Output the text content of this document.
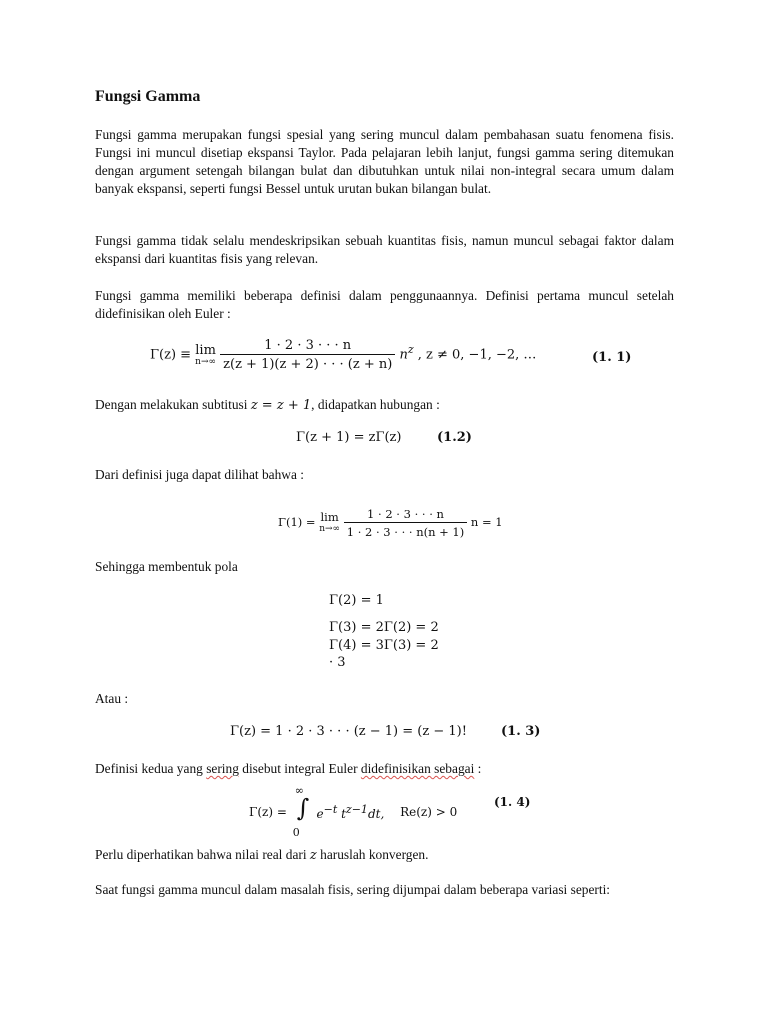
Fungsi Gamma

Fungsi gamma merupakan fungsi spesial yang sering muncul dalam pembahasan suatu fenomena fisis. Fungsi ini muncul disetiap ekspansi Taylor. Pada pelajaran lebih lanjut, fungsi gamma sering ditemukan dengan argument setengah bilangan bulat dan dibutuhkan untuk nilai non-integral secara umum dalam banyak ekspansi, seperti fungsi Bessel untuk urutan bukan bilangan bulat.

Fungsi gamma tidak selalu mendeskripsikan sebuah kuantitas fisis, namun muncul sebagai faktor dalam ekspansi dari kuantitas fisis yang relevan.

Fungsi gamma memiliki beberapa definisi dalam penggunaannya. Definisi pertama muncul setelah didefinisikan oleh Euler :

Γ(z) ≡ lim
n→∞
$\frac{1 \cdot 2 \cdot 3 \cdot \cdot \cdot n}{z(z + 1)(z + 2) \cdot \cdot \cdot (z + n)} n^z$ , z ≠ 0, −1, −2, …	(1. 1)
Dengan melakukan subtitusi z = z + 1, didapatkan hubungan :
Γ(z + 1) = zΓ(z)	(1.2)
Dari definisi juga dapat dilihat bahwa :
Γ(1) = lim
n→∞
$\frac{1 \cdot 2 \cdot 3 \cdot \cdot \cdot n}{1 \cdot 2 \cdot 3 \cdot \cdot \cdot n(n + 1)}$ n = 1
Sehingga membentuk pola
Γ(2) = 1
Γ(3) = 2Γ(2) = 2
Γ(4) = 3Γ(3) = 2
· 3
Atau :
Γ(z) = 1 · 2 · 3 · · · (z − 1) = (z − 1)!	(1. 3)
Definisi kedua yang sering disebut integral Euler didefinisikan sebagai :
Γ(z) =
∞
∫
0
$e^{-t}$ $t^{z-1}dt$, Re(z) > 0
(1. 4)
Perlu diperhatikan bahwa nilai real dari z haruslah konvergen.

Saat fungsi gamma muncul dalam masalah fisis, sering dijumpai dalam beberapa variasi seperti:
